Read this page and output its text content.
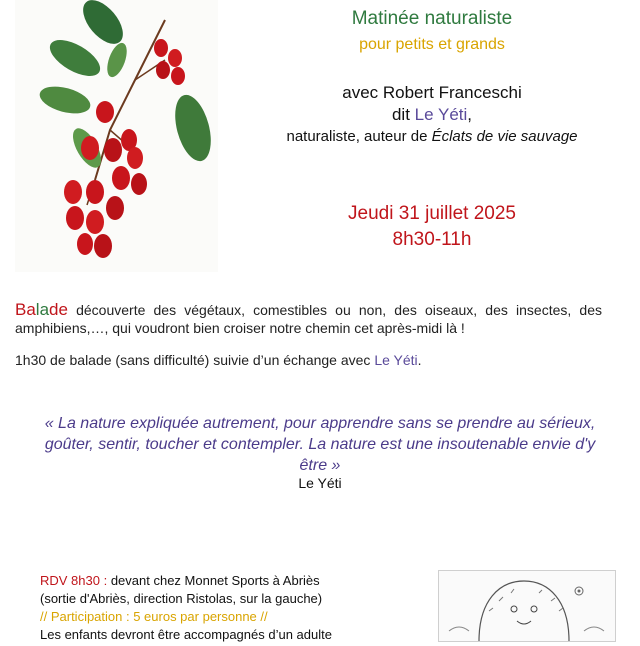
Matinée naturaliste
pour petits et grands
avec Robert Franceschi
dit Le Yéti,
naturaliste, auteur de Éclats de vie sauvage
Jeudi 31 juillet 2025
8h30-11h
Balade découverte des végétaux, comestibles ou non, des oiseaux, des insectes, des amphibiens,…, qui voudront bien croiser notre chemin cet après-midi là !
1h30 de balade (sans difficulté) suivie d’un échange avec Le Yéti.
« La nature expliquée autrement, pour apprendre sans se prendre au sérieux, goûter, sentir, toucher et contempler. La nature est une insoutenable envie d'y être »
Le Yéti
RDV 8h30 : devant chez Monnet Sports à Abriès
(sortie d'Abriès, direction Ristolas, sur la gauche)
// Participation : 5 euros par personne //
Les enfants devront être accompagnés d’un adulte
